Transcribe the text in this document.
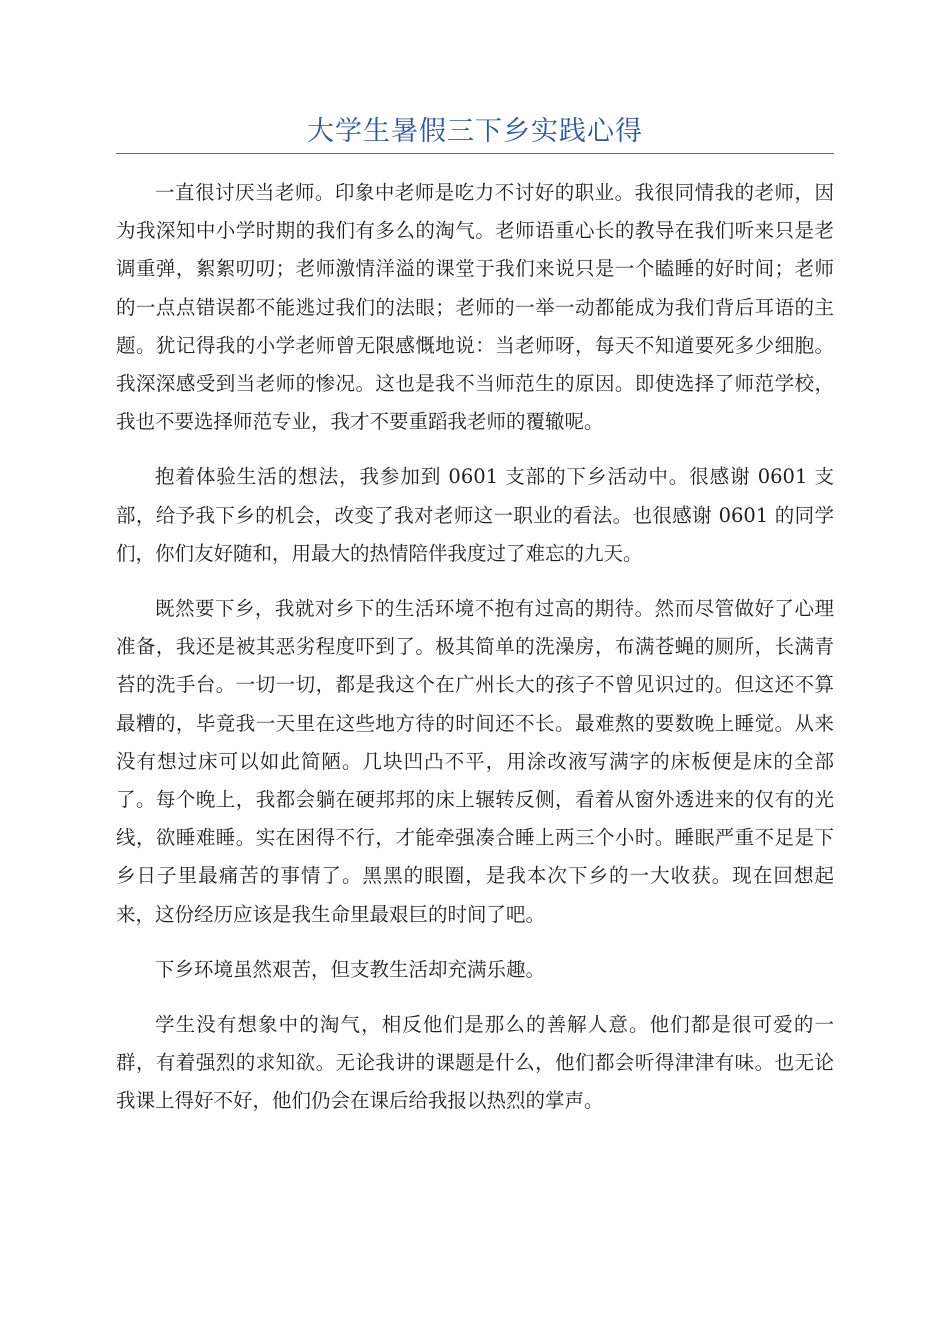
大学生暑假三下乡实践心得

一直很讨厌当老师。印象中老师是吃力不讨好的职业。我很同情我的老师，因为我深知中小学时期的我们有多么的淘气。老师语重心长的教导在我们听来只是老调重弹，絮絮叨叨；老师激情洋溢的课堂于我们来说只是一个瞌睡的好时间；老师的一点点错误都不能逃过我们的法眼；老师的一举一动都能成为我们背后耳语的主题。犹记得我的小学老师曾无限感慨地说：当老师呀，每天不知道要死多少细胞。我深深感受到当老师的惨况。这也是我不当师范生的原因。即使选择了师范学校，我也不要选择师范专业，我才不要重蹈我老师的覆辙呢。

抱着体验生活的想法，我参加到 0601 支部的下乡活动中。很感谢 0601 支部，给予我下乡的机会，改变了我对老师这一职业的看法。也很感谢 0601 的同学们，你们友好随和，用最大的热情陪伴我度过了难忘的九天。

既然要下乡，我就对乡下的生活环境不抱有过高的期待。然而尽管做好了心理准备，我还是被其恶劣程度吓到了。极其简单的洗澡房，布满苍蝇的厕所，长满青苔的洗手台。一切一切，都是我这个在广州长大的孩子不曾见识过的。但这还不算最糟的，毕竟我一天里在这些地方待的时间还不长。最难熬的要数晚上睡觉。从来没有想过床可以如此简陋。几块凹凸不平，用涂改液写满字的床板便是床的全部了。每个晚上，我都会躺在硬邦邦的床上辗转反侧，看着从窗外透进来的仅有的光线，欲睡难睡。实在困得不行，才能牵强凑合睡上两三个小时。睡眠严重不足是下乡日子里最痛苦的事情了。黑黑的眼圈，是我本次下乡的一大收获。现在回想起来，这份经历应该是我生命里最艰巨的时间了吧。

下乡环境虽然艰苦，但支教生活却充满乐趣。

学生没有想象中的淘气，相反他们是那么的善解人意。他们都是很可爱的一群，有着强烈的求知欲。无论我讲的课题是什么，他们都会听得津津有味。也无论我课上得好不好，他们仍会在课后给我报以热烈的掌声。
